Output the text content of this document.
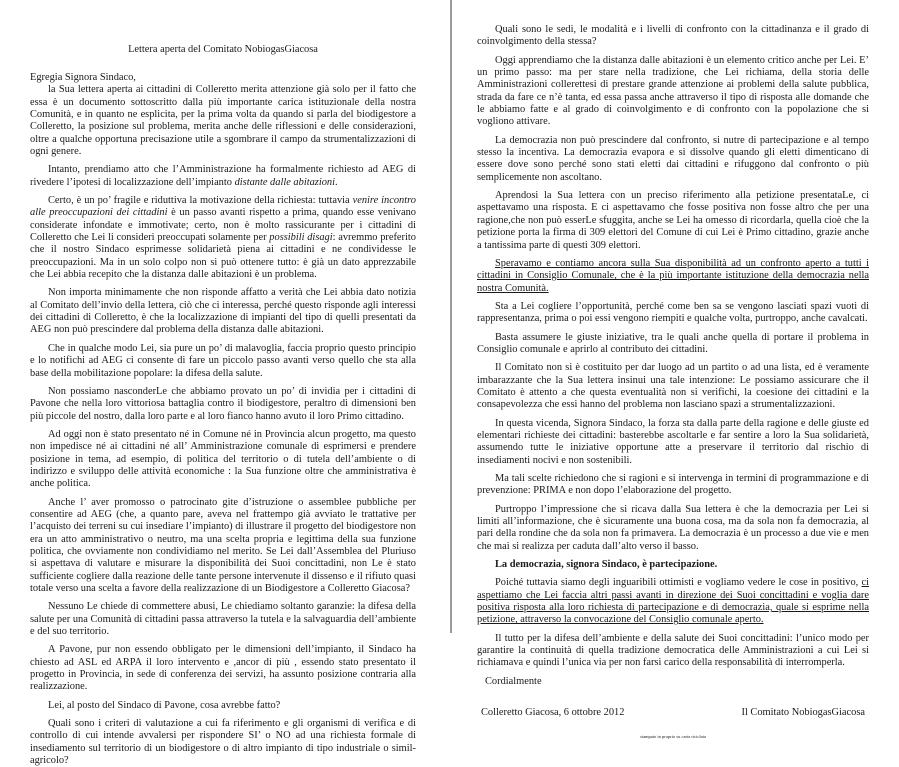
Lettera aperta del Comitato NobiogasGiacosa
Egregia Signora Sindaco,

la Sua lettera aperta ai cittadini di Colleretto merita attenzione già solo per il fatto che essa è un documento sottoscritto dalla più importante carica istituzionale della nostra Comunità, e in quanto ne esplicita, per la prima volta da quando si parla del biodigestore a Colleretto, la posizione sul problema, merita anche delle riflessioni e delle considerazioni, oltre a qualche opportuna precisazione utile a sgombrare il campo da strumentalizzazioni di ogni genere.

Intanto, prendiamo atto che l’Amministrazione ha formalmente richiesto ad AEG di rivedere l’ipotesi di localizzazione dell’impianto distante dalle abitazioni.

Certo, è un po’ fragile e riduttiva la motivazione della richiesta: tuttavia venire incontro alle preoccupazioni dei cittadini è un passo avanti rispetto a prima, quando esse venivano considerate infondate e immotivate; certo, non è molto rassicurante per i cittadini di Colleretto che Lei li consideri preoccupati solamente per possibili disagi: avremmo preferito che il nostro Sindaco esprimesse solidarietà piena ai cittadini e ne condividesse le preoccupazioni. Ma in un solo colpo non si può ottenere tutto: è già un dato apprezzabile che Lei abbia recepito che la distanza dalle abitazioni è un problema.

Non importa minimamente che non risponde affatto a verità che Lei abbia dato notizia al Comitato dell’invio della lettera, ciò che ci interessa, perché questo risponde agli interessi dei cittadini di Colleretto, è che la localizzazione di impianti del tipo di quelli presentati da AEG non può prescindere dal problema della distanza dalle abitazioni.

Che in qualche modo Lei, sia pure un po’ di malavoglia, faccia proprio questo principio e lo notifichi ad AEG ci consente di fare un piccolo passo avanti verso quello che sta alla base della mobilitazione popolare: la difesa della salute.

Non possiamo nasconderLe che abbiamo provato un po’ di invidia per i cittadini di Pavone che nella loro vittoriosa battaglia contro il biodigestore, peraltro di dimensioni ben più piccole del nostro, dalla loro parte e al loro fianco hanno avuto il loro Primo cittadino.

Ad oggi non è stato presentato né in Comune né in Provincia alcun progetto, ma questo non impedisce né ai cittadini né all’ Amministrazione comunale di esprimersi e prendere posizione in tema, ad esempio, di politica del territorio o di tutela dell’ambiente o di indirizzo e sviluppo delle attività economiche : la Sua funzione oltre che amministrativa è anche politica.

Anche l’ aver promosso o patrocinato gite d’istruzione o assemblee pubbliche per consentire ad AEG (che, a quanto pare, aveva nel frattempo già avviato le trattative per l’acquisto dei terreni su cui insediare l’impianto) di illustrare il progetto del biodigestore non era un atto amministrativo o neutro, ma una scelta propria e legittima della sua funzione politica, che ovviamente non condividiamo nel merito. Se Lei dall’Assemblea del Pluriuso si aspettava di valutare e misurare la disponibilità dei Suoi concittadini, non Le è stato sufficiente cogliere dalla reazione delle tante persone intervenute il dissenso e il rifiuto quasi totale verso una scelta a favore della realizzazione di un Biodigestore a Colleretto Giacosa?

Nessuno Le chiede di commettere abusi, Le chiediamo soltanto garanzie: la difesa della salute per una Comunità di cittadini passa attraverso la tutela e la salvaguardia dell’ambiente e del suo territorio.

A Pavone, pur non essendo obbligato per le dimensioni dell’impianto, il Sindaco ha chiesto ad ASL ed ARPA il loro intervento e ,ancor di più , essendo stato presentato il progetto in Provincia, in sede di conferenza dei servizi, ha assunto posizione contraria alla realizzazione.

Lei, al posto del Sindaco di Pavone, cosa avrebbe fatto?

Quali sono i criteri di valutazione a cui fa riferimento e gli organismi di verifica e di controllo di cui intende avvalersi per rispondere SI’ o NO ad una richiesta formale di insediamento sul territorio di un biodigestore o di altro impianto di tipo industriale o simil-agricolo?

Quali sono le sedi, le modalità e i livelli di confronto con la cittadinanza e il grado di coinvolgimento della stessa?

Oggi apprendiamo che la distanza dalle abitazioni è un elemento critico anche per Lei. E’ un primo passo: ma per stare nella tradizione, che Lei richiama, della storia delle Amministrazioni collerettesi di prestare grande attenzione ai problemi della salute pubblica, strada da fare ce n’è tanta, ed essa passa anche attraverso il tipo di risposta alle domande che le abbiamo fatte e al grado di coinvolgimento e di confronto con la popolazione che si vogliono attivare.

La democrazia non può prescindere dal confronto, si nutre di partecipazione e al tempo stesso la incentiva. La democrazia evapora e si dissolve quando gli eletti dimenticano di essere dove sono perché sono stati eletti dai cittadini e rifuggono dal confronto o più semplicemente non ascoltano.

Aprendosi la Sua lettera con un preciso riferimento alla petizione presentataLe, ci aspettavamo una risposta. E ci aspettavamo che fosse positiva non fosse altro che per una ragione,che non può esserLe sfuggita, anche se Lei ha omesso di ricordarla, quella cioè che la petizione porta la firma di 309 elettori del Comune di cui Lei è Primo cittadino, grazie anche a tantissima parte di questi 309 elettori.

Speravamo e contiamo ancora sulla Sua disponibilità ad un confronto aperto a tutti i cittadini in Consiglio Comunale, che è la più importante istituzione della democrazia nella nostra Comunità.

Sta a Lei cogliere l’opportunità, perché come ben sa se vengono lasciati spazi vuoti di rappresentanza, prima o poi essi vengono riempiti e qualche volta, purtroppo, anche cavalcati.

Basta assumere le giuste iniziative, tra le quali anche quella di portare il problema in Consiglio comunale e aprirlo al contributo dei cittadini.

Il Comitato non si è costituito per dar luogo ad un partito o ad una lista, ed è veramente imbarazzante che la Sua lettera insinui una tale intenzione: Le possiamo assicurare che il Comitato è attento a che questa eventualità non si verifichi, la coesione dei cittadini e la consapevolezza che essi hanno del problema non lasciano spazi a strumentalizzazioni.

In questa vicenda, Signora Sindaco, la forza sta dalla parte della ragione e delle giuste ed elementari richieste dei cittadini: basterebbe ascoltarle e far sentire a loro la Sua solidarietà, assumendo tutte le iniziative opportune atte a preservare il territorio dal rischio di insediamenti nocivi e non sostenibili.

Ma tali scelte richiedono che si ragioni e si intervenga in termini di programmazione e di prevenzione: PRIMA e non dopo l’elaborazione del progetto.

Purtroppo l’impressione che si ricava dalla Sua lettera è che la democrazia per Lei si limiti all’informazione, che è sicuramente una buona cosa, ma da sola non fa democrazia, al pari della rondine che da sola non fa primavera. La democrazia è un processo a due vie e men che mai si realizza per caduta dall’alto verso il basso.

La democrazia, signora Sindaco, è partecipazione.

Poiché tuttavia siamo degli inguaribili ottimisti e vogliamo vedere le cose in positivo, ci aspettiamo che Lei faccia altri passi avanti in direzione dei Suoi concittadini e voglia dare positiva risposta alla loro richiesta di partecipazione e di democrazia, quale si esprime nella petizione, attraverso la convocazione del Consiglio comunale aperto.

Il tutto per la difesa dell’ambiente e della salute dei Suoi concittadini: l’unico modo per garantire la continuità di quella tradizione democratica delle Amministrazioni a cui Lei si richiamava e quindi l’unica via per non farsi carico della responsabilità di interromperla.

Cordialmente
Colleretto Giacosa, 6 ottobre 2012	Il Comitato NobiogasGiacosa
stampato in proprio su carta riciclata
